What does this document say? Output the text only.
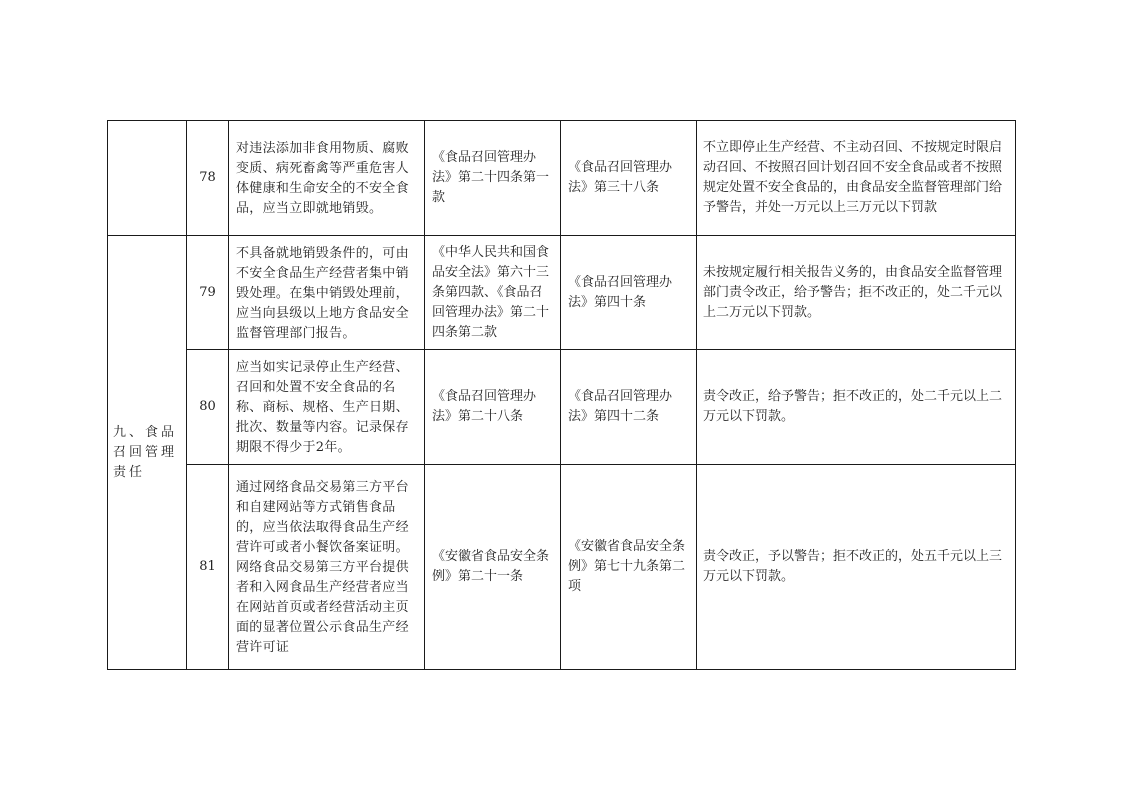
	78	对违法添加非食用物质、腐败变质、病死畜禽等严重危害人体健康和生命安全的不安全食品，应当立即就地销毁。	《食品召回管理办法》第二十四条第一款	《食品召回管理办法》第三十八条	不立即停止生产经营、不主动召回、不按规定时限启动召回、不按照召回计划召回不安全食品或者不按照规定处置不安全食品的，由食品安全监督管理部门给予警告，并处一万元以上三万元以下罚款

九、食品召回管理责任	79	不具备就地销毁条件的，可由不安全食品生产经营者集中销毁处理。在集中销毁处理前，应当向县级以上地方食品安全监督管理部门报告。	《中华人民共和国食品安全法》第六十三条第四款、《食品召回管理办法》第二十四条第二款	《食品召回管理办法》第四十条	未按规定履行相关报告义务的，由食品安全监督管理部门责令改正，给予警告；拒不改正的，处二千元以上二万元以下罚款。

	80	应当如实记录停止生产经营、召回和处置不安全食品的名称、商标、规格、生产日期、批次、数量等内容。记录保存期限不得少于2年。	《食品召回管理办法》第二十八条	《食品召回管理办法》第四十二条	责令改正，给予警告；拒不改正的，处二千元以上二万元以下罚款。

	81	通过网络食品交易第三方平台和自建网站等方式销售食品的，应当依法取得食品生产经营许可或者小餐饮备案证明。网络食品交易第三方平台提供者和入网食品生产经营者应当在网站首页或者经营活动主页面的显著位置公示食品生产经营许可证	《安徽省食品安全条例》第二十一条	《安徽省食品安全条例》第七十九条第二项	责令改正，予以警告；拒不改正的，处五千元以上三万元以下罚款。
